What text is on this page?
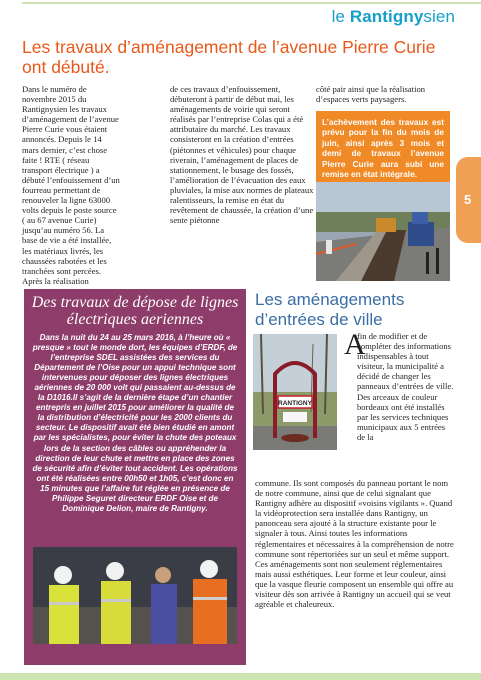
le Rantignysien
Les travaux d’aménagement de l’avenue Pierre Curie ont débuté.

Dans le numéro de novembre 2015 du Rantignysien les travaux d’aménagement de l’avenue Pierre Curie vous étaient annoncés. Depuis le 14 mars dernier, c’est chose faite ! RTE ( réseau transport électrique ) a débuté l’enfouissement d’un fourreau permettant de renouveler la ligne 63000 volts depuis le poste source ( au 67 avenue Curie) jusqu’au numéro 56. La base de vie a été installée, les matériaux livrés, les chaussées rabotées et les tranchées sont percées. Après la réalisation

de ces travaux d’enfouissement, débuteront à partir de début mai, les aménagements de voirie qui seront réalisés par l’entreprise Colas qui a été attributaire du marché. Les travaux consisteront en la création d’entrées (piétonnes et véhicules) pour chaque riverain, l’aménagement de places de stationnement, le busage des fossés, l’amélioration de l’évacuation des eaux pluviales, la mise aux normes de plateaux ralentisseurs, la remise en état du revêtement de chaussée, la création d’une sente piétonne

côté pair ainsi que la réalisation d’espaces verts paysagers.

L’achèvement des travaux est prévu pour la fin du mois de juin, ainsi après 3 mois et demi de travaux l’avenue Pierre Curie aura subi une remise en état intégrale.
5
Des travaux de dépose de lignes électriques aeriennes
Dans la nuit du 24 au 25 mars 2016, à l’heure où « presque » tout le monde dort, les équipes d’ERDF, de l’entreprise SDEL assistées des services du Département de l’Oise pour un appui technique sont intervenues pour déposer des lignes électriques aériennes de 20 000 volt qui passaient au-dessus de la D1016.Il s’agit de la dernière étape d’un chantier entrepris en juillet 2015 pour améliorer la qualité de la distribution d’électricité pour les 2000 clients du secteur. Le dispositif avait été bien étudié en amont par les spécialistes, pour éviter la chute des poteaux lors de la section des câbles ou appréhender la direction de leur chute et mettre en place des zones de sécurité afin d’éviter tout accident. Les opérations ont été réalisées entre 00h50 et 1h05, c’est donc en 15 minutes que l’affaire fut réglée en présence de Philippe Seguret directeur ERDF Oise et de Dominique Delion, maire de Rantigny.
Les aménagements d’entrées de ville
RANTIGNY
A

fin de modifier et de compléter des informations indispensables à tout visiteur, la municipalité a décidé de changer les panneaux d’entrées de ville. Des arceaux de couleur bordeaux ont été installés par les services techniques municipaux aux 5 entrées de la

commune. Ils sont composés du panneau portant le nom de notre commune, ainsi que de celui signalant que Rantigny adhère au dispositif «voisins vigilants ». Quand la vidéoprotection sera installée dans Rantigny, un panonceau sera ajouté à la structure existante pour le signaler à tous. Ainsi toutes les informations réglementaires et nécessaires à la compréhension de notre commune sont répertoriées sur un seul et même support. Ces aménagements sont non seulement réglementaires mais aussi esthétiques. Leur forme et leur couleur, ainsi que la vasque fleurie composent un ensemble qui offre au visiteur dès son arrivée à Rantigny un accueil qui se veut agréable et chaleureux.
